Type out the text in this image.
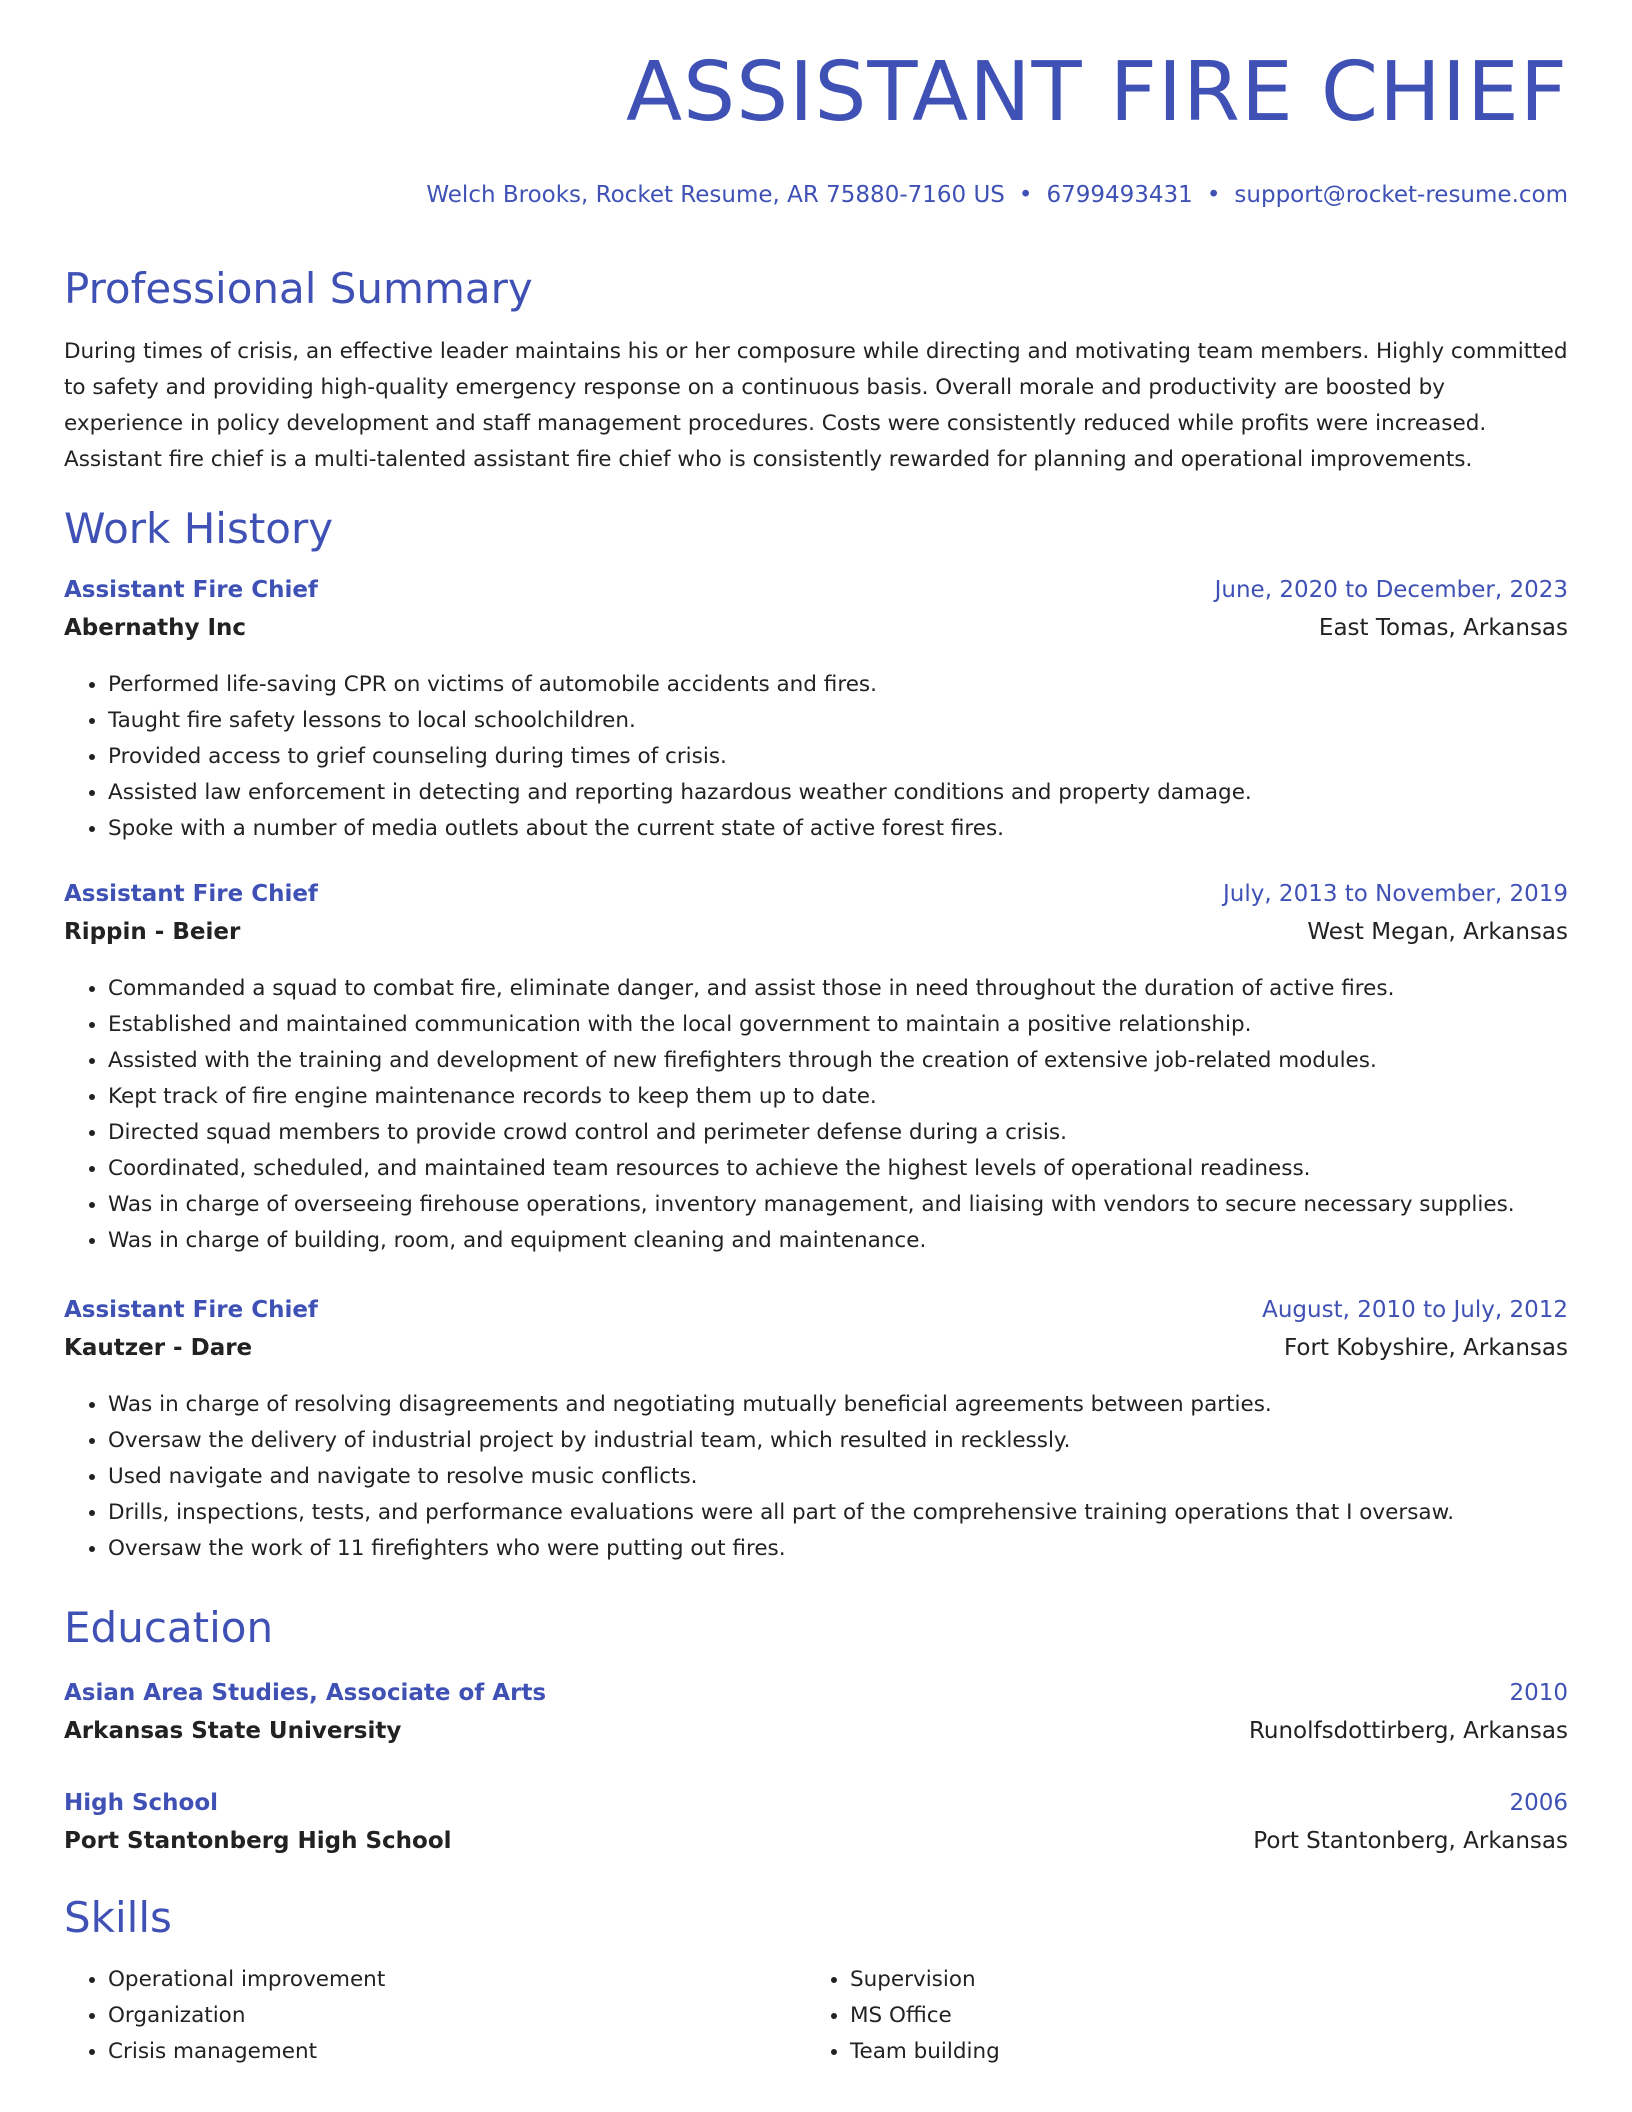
ASSISTANT FIRE CHIEF
Welch Brooks, Rocket Resume, AR 75880-7160 US • 6799493431 • support@rocket-resume.com
Professional Summary

During times of crisis, an effective leader maintains his or her composure while directing and motivating team members. Highly committed to safety and providing high-quality emergency response on a continuous basis. Overall morale and productivity are boosted by experience in policy development and staff management procedures. Costs were consistently reduced while profits were increased. Assistant fire chief is a multi-talented assistant fire chief who is consistently rewarded for planning and operational improvements.

Work History
Assistant Fire Chief	June, 2020 to December, 2023
Abernathy Inc	East Tomas, Arkansas
• Performed life-saving CPR on victims of automobile accidents and fires.
• Taught fire safety lessons to local schoolchildren.
• Provided access to grief counseling during times of crisis.
• Assisted law enforcement in detecting and reporting hazardous weather conditions and property damage.
• Spoke with a number of media outlets about the current state of active forest fires.
Assistant Fire Chief	July, 2013 to November, 2019
Rippin - Beier	West Megan, Arkansas
• Commanded a squad to combat fire, eliminate danger, and assist those in need throughout the duration of active fires.
• Established and maintained communication with the local government to maintain a positive relationship.
• Assisted with the training and development of new firefighters through the creation of extensive job-related modules.
• Kept track of fire engine maintenance records to keep them up to date.
• Directed squad members to provide crowd control and perimeter defense during a crisis.
• Coordinated, scheduled, and maintained team resources to achieve the highest levels of operational readiness.
• Was in charge of overseeing firehouse operations, inventory management, and liaising with vendors to secure necessary supplies.
• Was in charge of building, room, and equipment cleaning and maintenance.
Assistant Fire Chief	August, 2010 to July, 2012
Kautzer - Dare	Fort Kobyshire, Arkansas
• Was in charge of resolving disagreements and negotiating mutually beneficial agreements between parties.
• Oversaw the delivery of industrial project by industrial team, which resulted in recklessly.
• Used navigate and navigate to resolve music conflicts.
• Drills, inspections, tests, and performance evaluations were all part of the comprehensive training operations that I oversaw.
• Oversaw the work of 11 firefighters who were putting out fires.
Education
Asian Area Studies, Associate of Arts	2010
Arkansas State University	Runolfsdottirberg, Arkansas
High School	2006
Port Stantonberg High School	Port Stantonberg, Arkansas
Skills
• Operational improvement
• Organization
• Crisis management
• Supervision
• MS Office
• Team building
